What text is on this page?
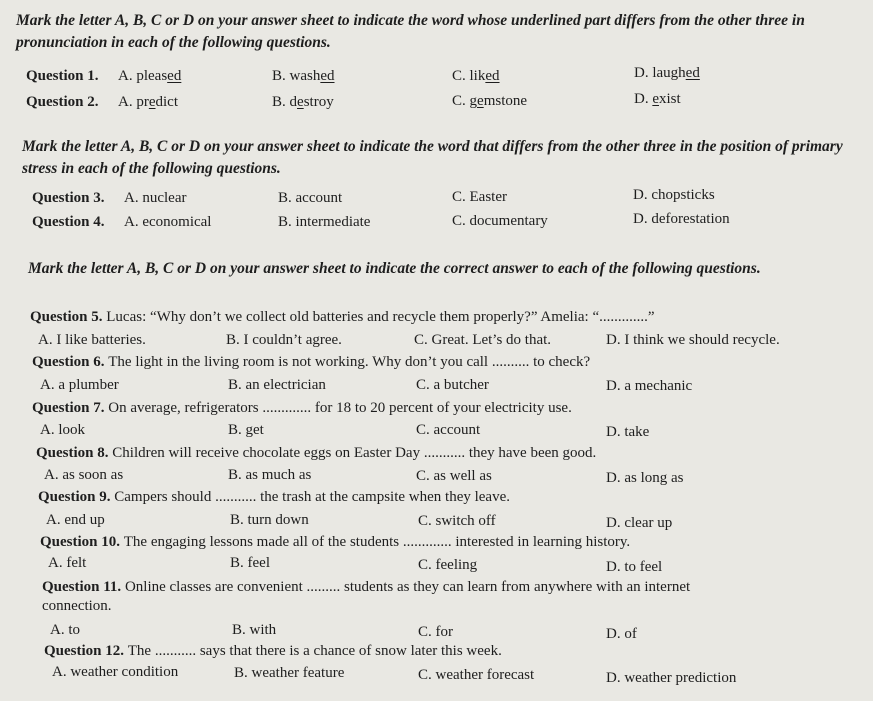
Mark the letter A, B, C or D on your answer sheet to indicate the word whose underlined part differs from the other three in pronunciation in each of the following questions.
Question 1. A. pleased	B. washed	C. liked	D. laughed
Question 2. A. predict	B. destroy	C. gemstone	D. exist
Mark the letter A, B, C or D on your answer sheet to indicate the word that differs from the other three in the position of primary stress in each of the following questions.
Question 3. A. nuclear	B. account	C. Easter	D. chopsticks
Question 4. A. economical	B. intermediate	C. documentary	D. deforestation
Mark the letter A, B, C or D on your answer sheet to indicate the correct answer to each of the following questions.
Question 5. Lucas: “Why don’t we collect old batteries and recycle them properly?” Amelia: “.............”
A. I like batteries.	B. I couldn’t agree.	C. Great. Let’s do that.	D. I think we should recycle.
Question 6. The light in the living room is not working. Why don’t you call .......... to check?
A. a plumber	B. an electrician	C. a butcher	D. a mechanic
Question 7. On average, refrigerators ............. for 18 to 20 percent of your electricity use.
A. look	B. get	C. account	D. take
Question 8. Children will receive chocolate eggs on Easter Day ........... they have been good.
A. as soon as	B. as much as	C. as well as	D. as long as
Question 9. Campers should ........... the trash at the campsite when they leave.
A. end up	B. turn down	C. switch off	D. clear up
Question 10. The engaging lessons made all of the students ............. interested in learning history.
A. felt	B. feel	C. feeling	D. to feel
Question 11. Online classes are convenient ......... students as they can learn from anywhere with an internet
connection.
A. to	B. with	C. for	D. of
Question 12. The ........... says that there is a chance of snow later this week.
A. weather condition	B. weather feature	C. weather forecast	D. weather prediction
